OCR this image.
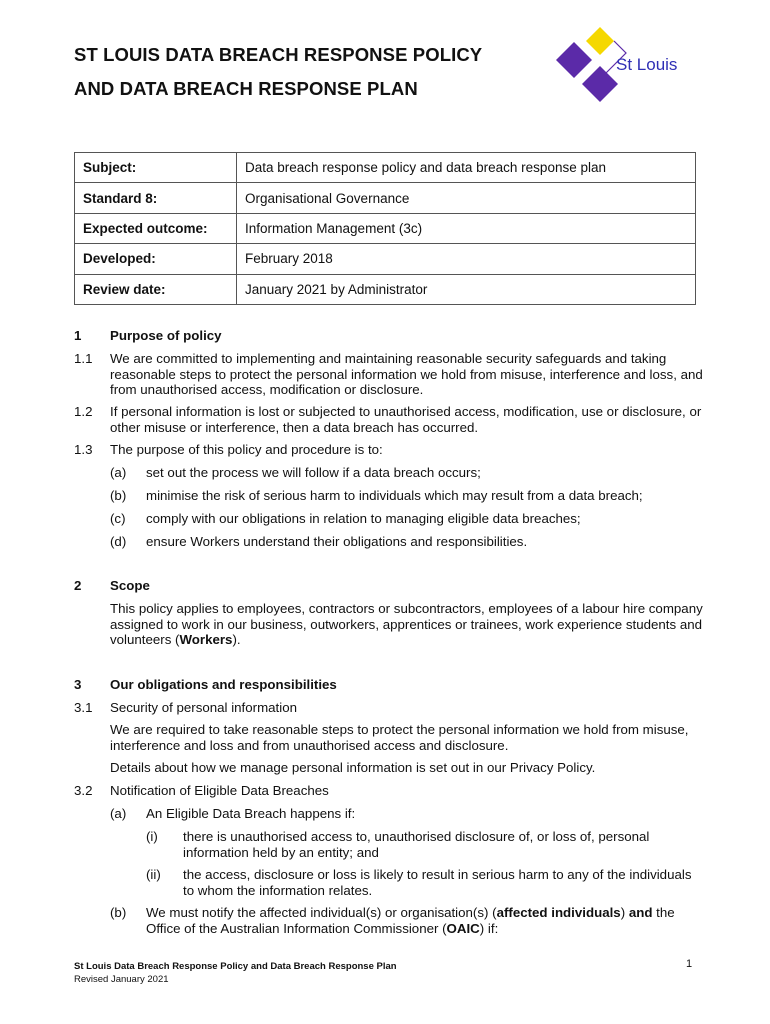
ST LOUIS DATA BREACH RESPONSE POLICY
AND DATA BREACH RESPONSE PLAN
St Louis
Subject:	Data breach response policy and data breach response plan
Standard 8:	Organisational Governance
Expected outcome:	Information Management (3c)
Developed:	February 2018
Review date:	January 2021 by Administrator
1 Purpose of policy
1.1 We are committed to implementing and maintaining reasonable security safeguards and taking reasonable steps to protect the personal information we hold from misuse, interference and loss, and from unauthorised access, modification or disclosure.
1.2 If personal information is lost or subjected to unauthorised access, modification, use or disclosure, or other misuse or interference, then a data breach has occurred.
1.3 The purpose of this policy and procedure is to:
(a) set out the process we will follow if a data breach occurs;
(b) minimise the risk of serious harm to individuals which may result from a data breach;
(c) comply with our obligations in relation to managing eligible data breaches;
(d) ensure Workers understand their obligations and responsibilities.
2 Scope
This policy applies to employees, contractors or subcontractors, employees of a labour hire company assigned to work in our business, outworkers, apprentices or trainees, work experience students and volunteers (Workers).
3 Our obligations and responsibilities
3.1 Security of personal information
We are required to take reasonable steps to protect the personal information we hold from misuse, interference and loss and from unauthorised access and disclosure.
Details about how we manage personal information is set out in our Privacy Policy.
3.2 Notification of Eligible Data Breaches
(a) An Eligible Data Breach happens if:
(i) there is unauthorised access to, unauthorised disclosure of, or loss of, personal information held by an entity; and
(ii) the access, disclosure or loss is likely to result in serious harm to any of the individuals to whom the information relates.
(b) We must notify the affected individual(s) or organisation(s) (affected individuals) and the Office of the Australian Information Commissioner (OAIC) if:
St Louis Data Breach Response Policy and Data Breach Response Plan
Revised January 2021
1
